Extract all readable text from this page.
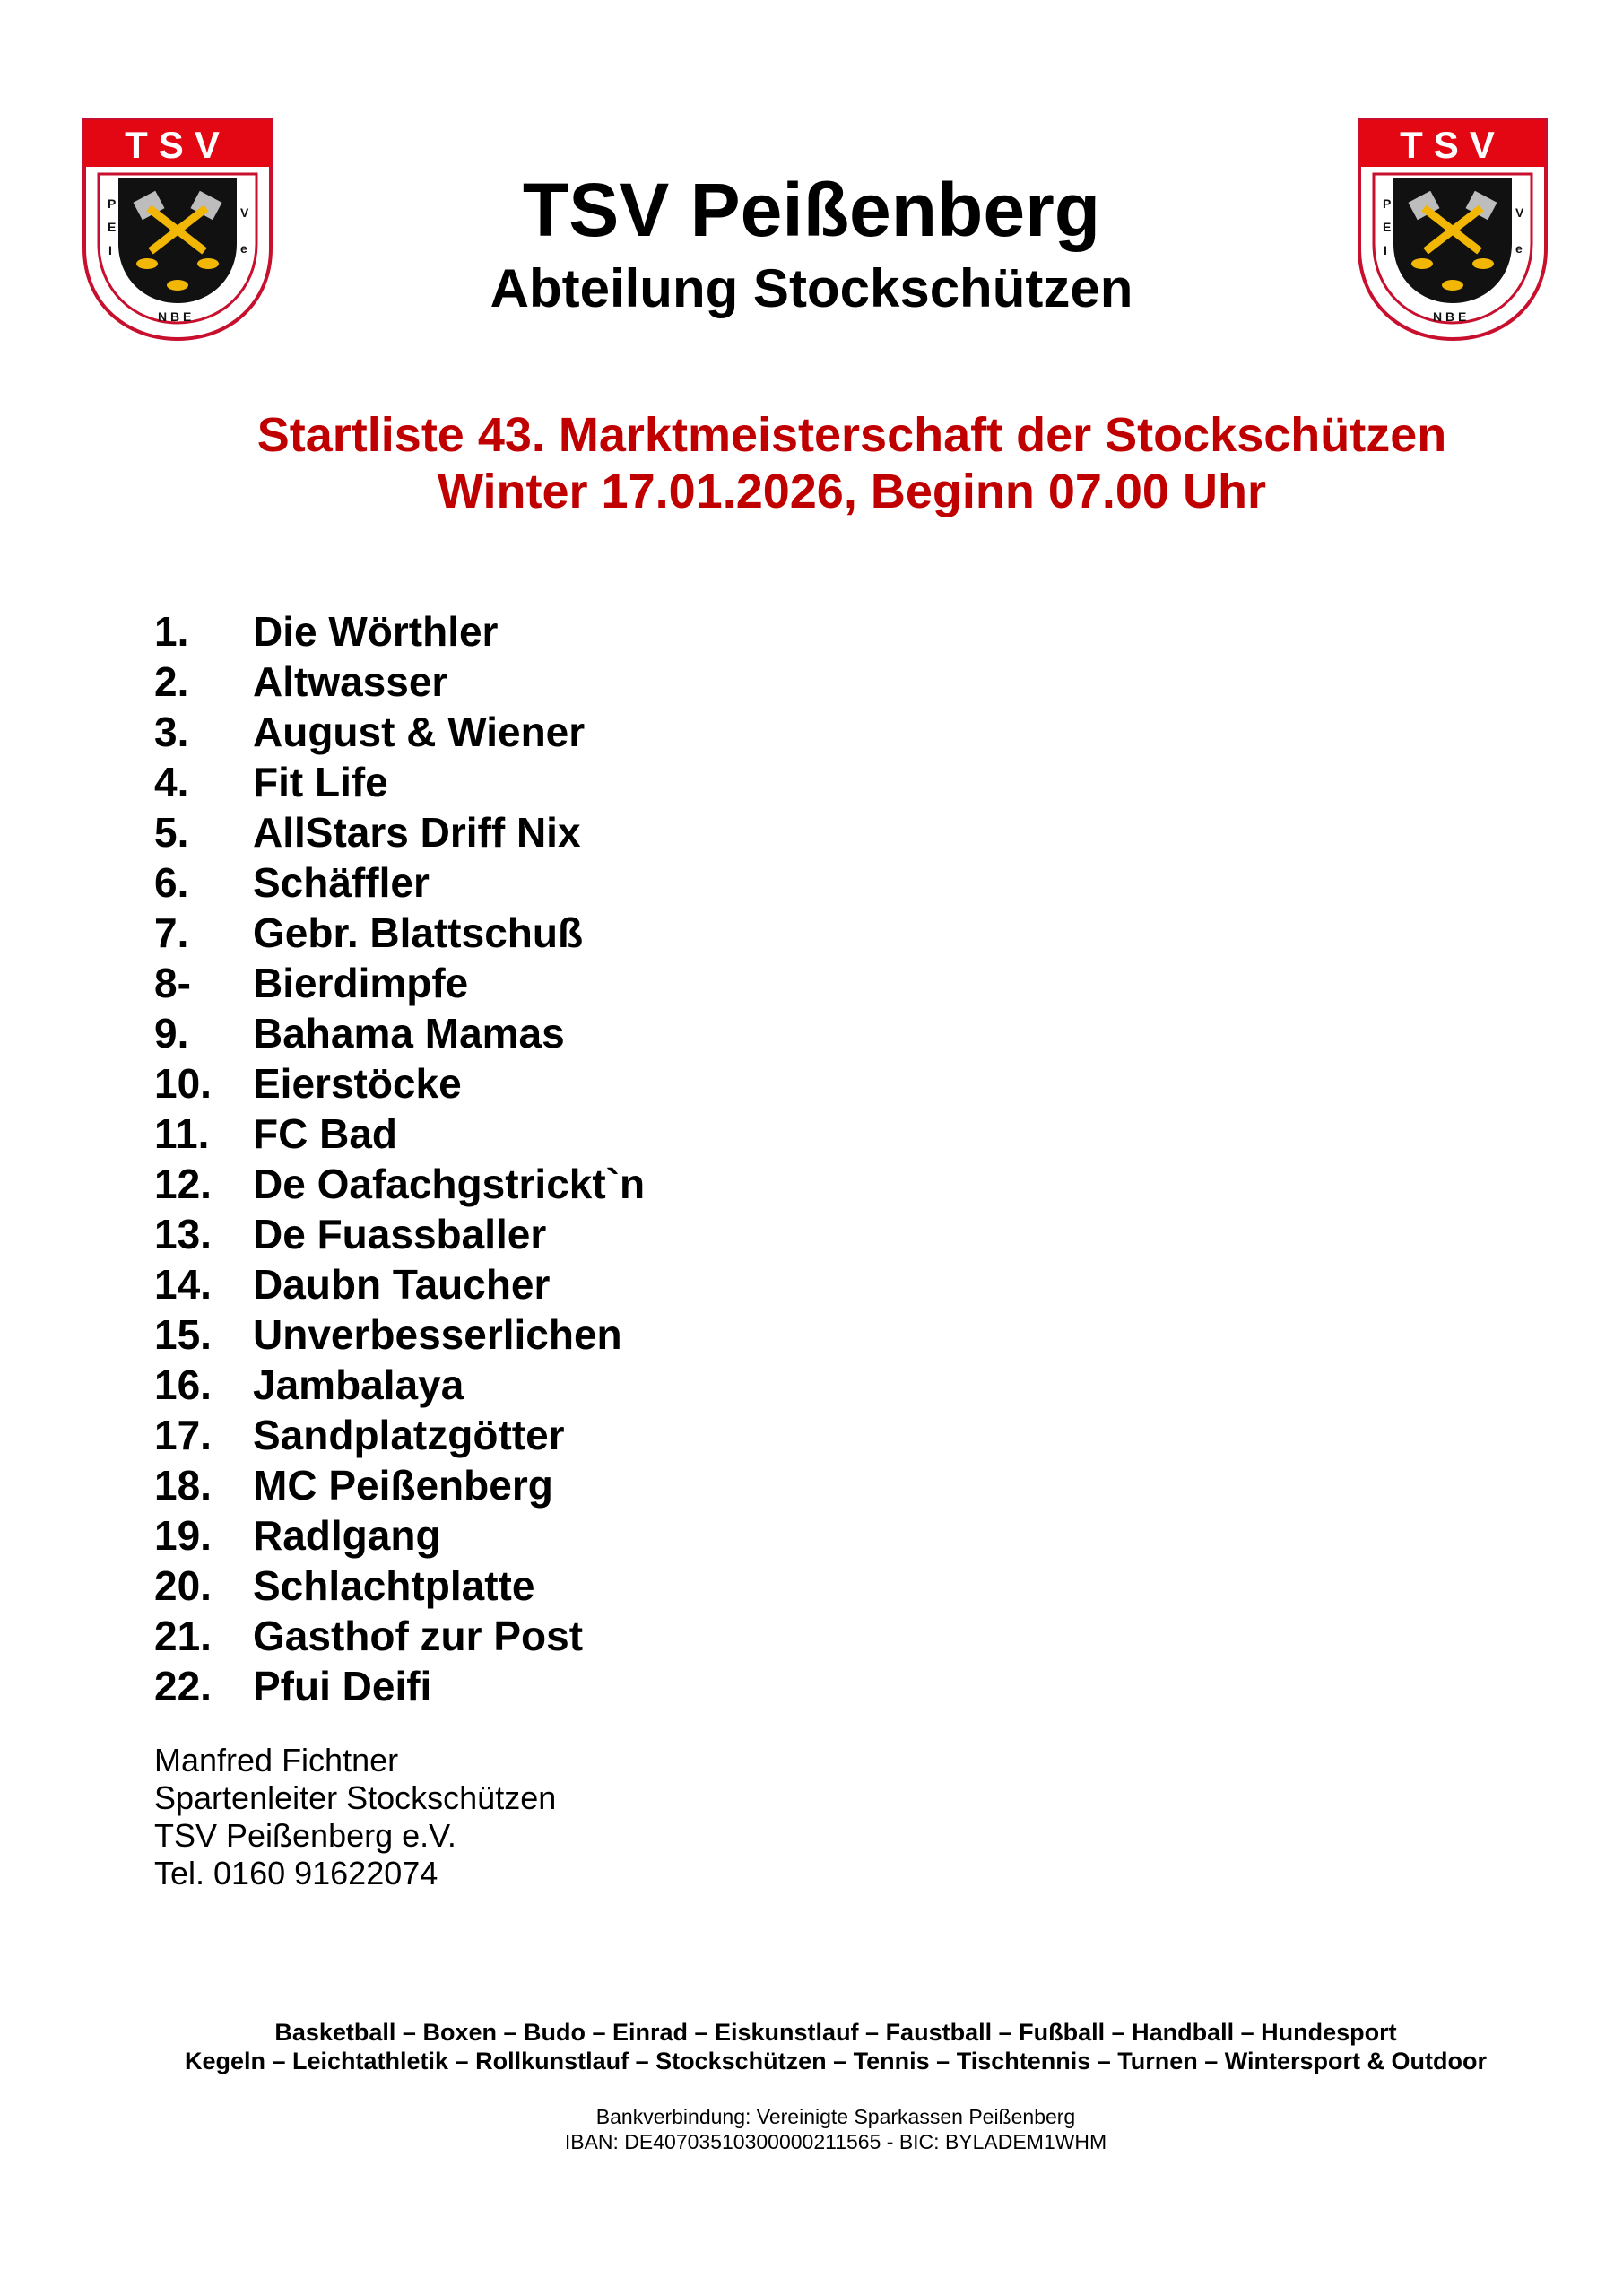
TSV
P
E
I
V
e
N B E
TSV
P
E
I
V
e
N B E
TSV Peißenberg
Abteilung Stockschützen
Startliste 43. Marktmeisterschaft der Stockschützen
Winter 17.01.2026, Beginn 07.00 Uhr
1. Die Wörthler
2. Altwasser
3. August & Wiener
4. Fit Life
5. AllStars Driff Nix
6. Schäffler
7. Gebr. Blattschuß
8- Bierdimpfe
9. Bahama Mamas
10. Eierstöcke
11. FC Bad
12. De Oafachgstrickt`n
13. De Fuassballer
14. Daubn Taucher
15. Unverbesserlichen
16. Jambalaya
17. Sandplatzgötter
18. MC Peißenberg
19. Radlgang
20. Schlachtplatte
21. Gasthof zur Post
22. Pfui Deifi
Manfred Fichtner
Spartenleiter Stockschützen
TSV Peißenberg e.V.
Tel. 0160 91622074
Basketball – Boxen – Budo – Einrad – Eiskunstlauf – Faustball – Fußball – Handball – Hundesport
Kegeln – Leichtathletik – Rollkunstlauf – Stockschützen – Tennis – Tischtennis – Turnen – Wintersport & Outdoor
Bankverbindung: Vereinigte Sparkassen Peißenberg
IBAN: DE40703510300000211565 - BIC: BYLADEM1WHM
